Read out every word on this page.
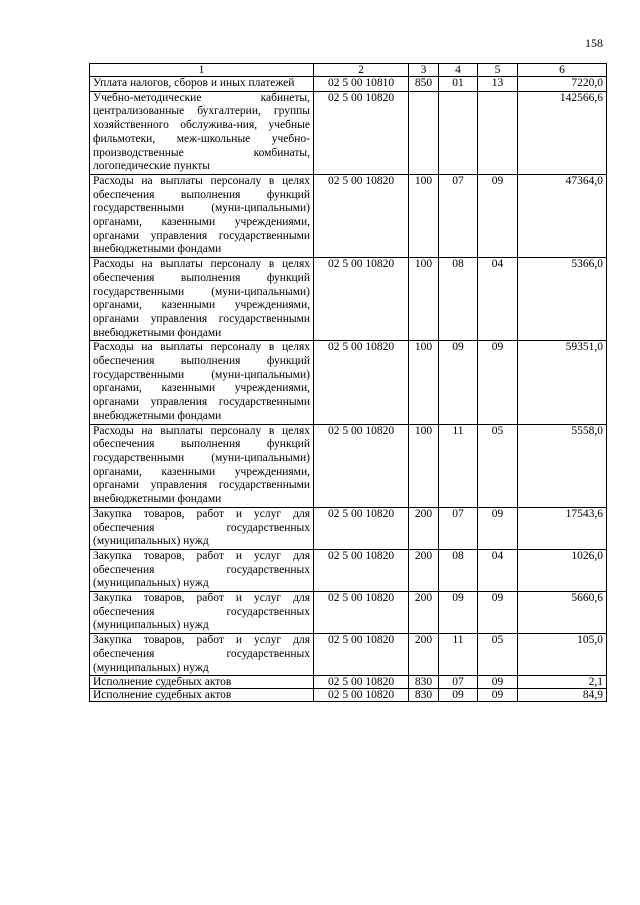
158
1	2	3	4	5	6
Уплата налогов, сборов и иных платежей	02 5 00 10810	850	01	13	7220,0
Учебно-методические кабинеты, централизованные бухгалтерии, группы хозяйственного обслужива-ния, учебные фильмотеки, меж-школьные учебно-производственные комбинаты, логопедические пункты	02 5 00 10820				142566,6
Расходы на выплаты персоналу в целях обеспечения выполнения функций государственными (муни-ципальными) органами, казенными учреждениями, органами управления государственными внебюджетными фондами	02 5 00 10820	100	07	09	47364,0
Расходы на выплаты персоналу в целях обеспечения выполнения функций государственными (муни-ципальными) органами, казенными учреждениями, органами управления государственными внебюджетными фондами	02 5 00 10820	100	08	04	5366,0
Расходы на выплаты персоналу в целях обеспечения выполнения функций государственными (муни-ципальными) органами, казенными учреждениями, органами управления государственными внебюджетными фондами	02 5 00 10820	100	09	09	59351,0
Расходы на выплаты персоналу в целях обеспечения выполнения функций государственными (муни-ципальными) органами, казенными учреждениями, органами управления государственными внебюджетными фондами	02 5 00 10820	100	11	05	5558,0
Закупка товаров, работ и услуг для обеспечения государственных (муниципальных) нужд	02 5 00 10820	200	07	09	17543,6
Закупка товаров, работ и услуг для обеспечения государственных (муниципальных) нужд	02 5 00 10820	200	08	04	1026,0
Закупка товаров, работ и услуг для обеспечения государственных (муниципальных) нужд	02 5 00 10820	200	09	09	5660,6
Закупка товаров, работ и услуг для обеспечения государственных (муниципальных) нужд	02 5 00 10820	200	11	05	105,0
Исполнение судебных актов	02 5 00 10820	830	07	09	2,1
Исполнение судебных актов	02 5 00 10820	830	09	09	84,9
